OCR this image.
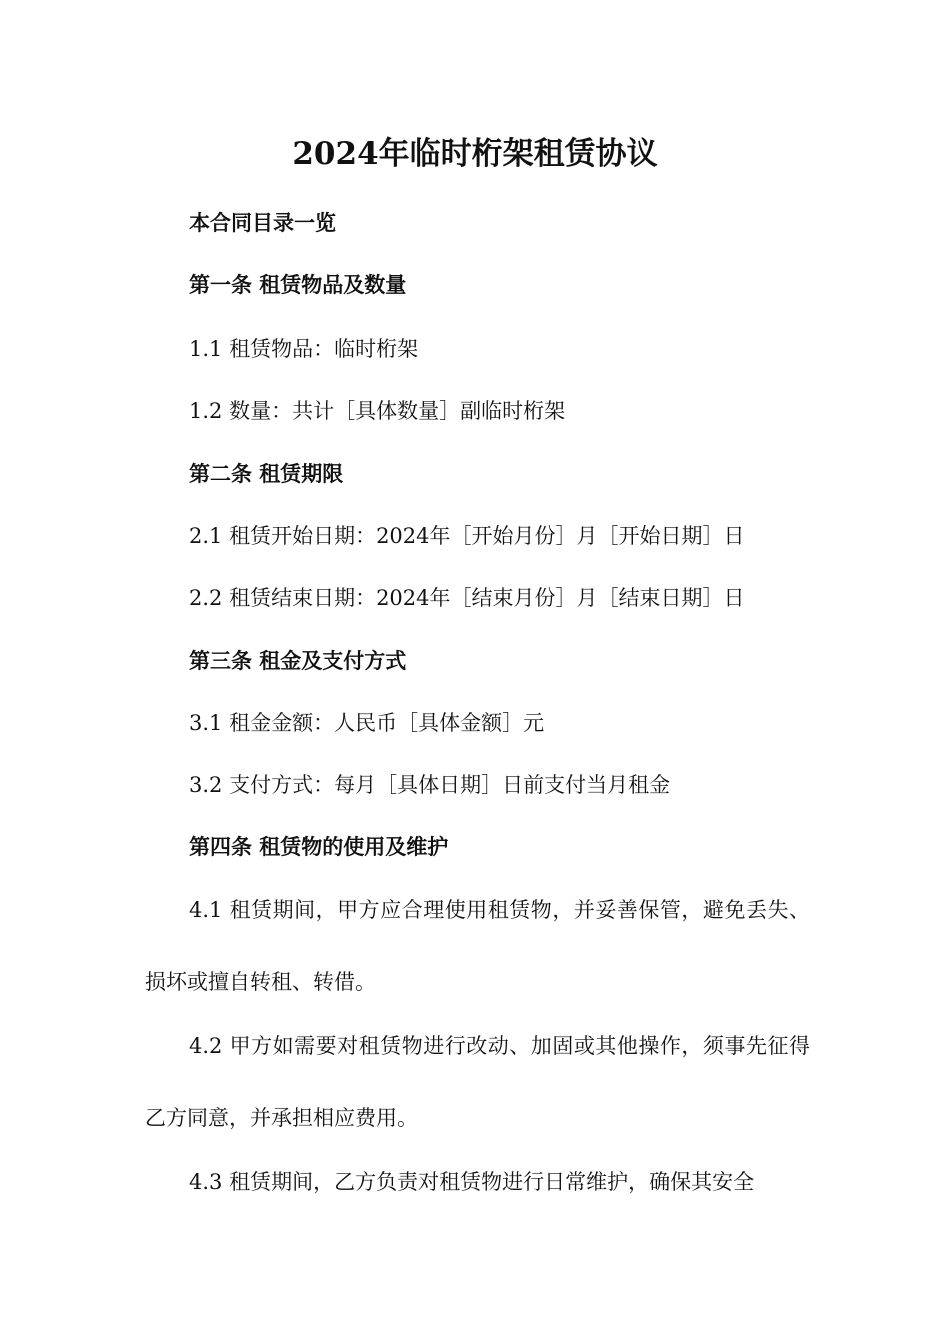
2024年临时桁架租赁协议
本合同目录一览
第一条 租赁物品及数量
1.1 租赁物品：临时桁架
1.2 数量：共计［具体数量］副临时桁架
第二条 租赁期限
2.1 租赁开始日期：2024年［开始月份］月［开始日期］日
2.2 租赁结束日期：2024年［结束月份］月［结束日期］日
第三条 租金及支付方式
3.1 租金金额：人民币［具体金额］元
3.2 支付方式：每月［具体日期］日前支付当月租金
第四条 租赁物的使用及维护
4.1 租赁期间，甲方应合理使用租赁物，并妥善保管，避免丢失、损坏或擅自转租、转借。
4.2 甲方如需要对租赁物进行改动、加固或其他操作，须事先征得乙方同意，并承担相应费用。
4.3 租赁期间，乙方负责对租赁物进行日常维护，确保其安全
